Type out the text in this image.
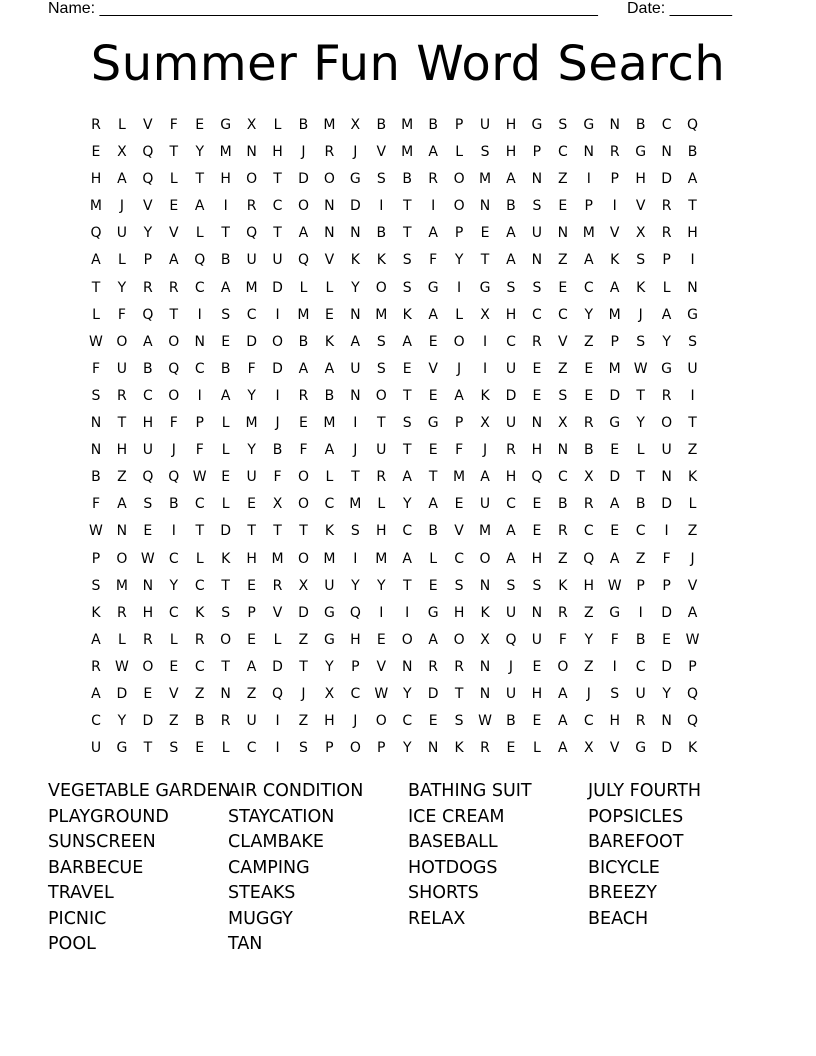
Name: ________________________________________________________ Date: _______
Summer Fun Word Search
R L V F E G X L B M X B M B P U H G S G N B C Q
E X Q T Y M N H J R J V M A L S H P C N R G N B
H A Q L T H O T D O G S B R O M A N Z I P H D A
M J V E A I R C O N D I T I O N B S E P I V R T
Q U Y V L T Q T A N N B T A P E A U N M V X R H
A L P A Q B U U Q V K K S F Y T A N Z A K S P I
T Y R R C A M D L L Y O S G I G S S E C A K L N
L F Q T I S C I M E N M K A L X H C C Y M J A G
W O A O N E D O B K A S A E O I C R V Z P S Y S
F U B Q C B F D A A U S E V J I U E Z E M W G U
S R C O I A Y I R B N O T E A K D E S E D T R I
N T H F P L M J E M I T S G P X U N X R G Y O T
N H U J F L Y B F A J U T E F J R H N B E L U Z
B Z Q Q W E U F O L T R A T M A H Q C X D T N K
F A S B C L E X O C M L Y A E U C E B R A B D L
W N E I T D T T T K S H C B V M A E R C E C I Z
P O W C L K H M O M I M A L C O A H Z Q A Z F J
S M N Y C T E R X U Y Y T E S N S S K H W P P V
K R H C K S P V D G Q I I G H K U N R Z G I D A
A L R L R O E L Z G H E O A O X Q U F Y F B E W
R W O E C T A D T Y P V N R R N J E O Z I C D P
A D E V Z N Z Q J X C W Y D T N U H A J S U Y Q
C Y D Z B R U I Z H J O C E S W B E A C H R N Q
U G T S E L C I S P O P Y N K R E L A X V G D K
VEGETABLE GARDEN
PLAYGROUND
SUNSCREEN
BARBECUE
TRAVEL
PICNIC
POOL
AIR CONDITION
STAYCATION
CLAMBAKE
CAMPING
STEAKS
MUGGY
TAN
BATHING SUIT
ICE CREAM
BASEBALL
HOTDOGS
SHORTS
RELAX
JULY FOURTH
POPSICLES
BAREFOOT
BICYCLE
BREEZY
BEACH
